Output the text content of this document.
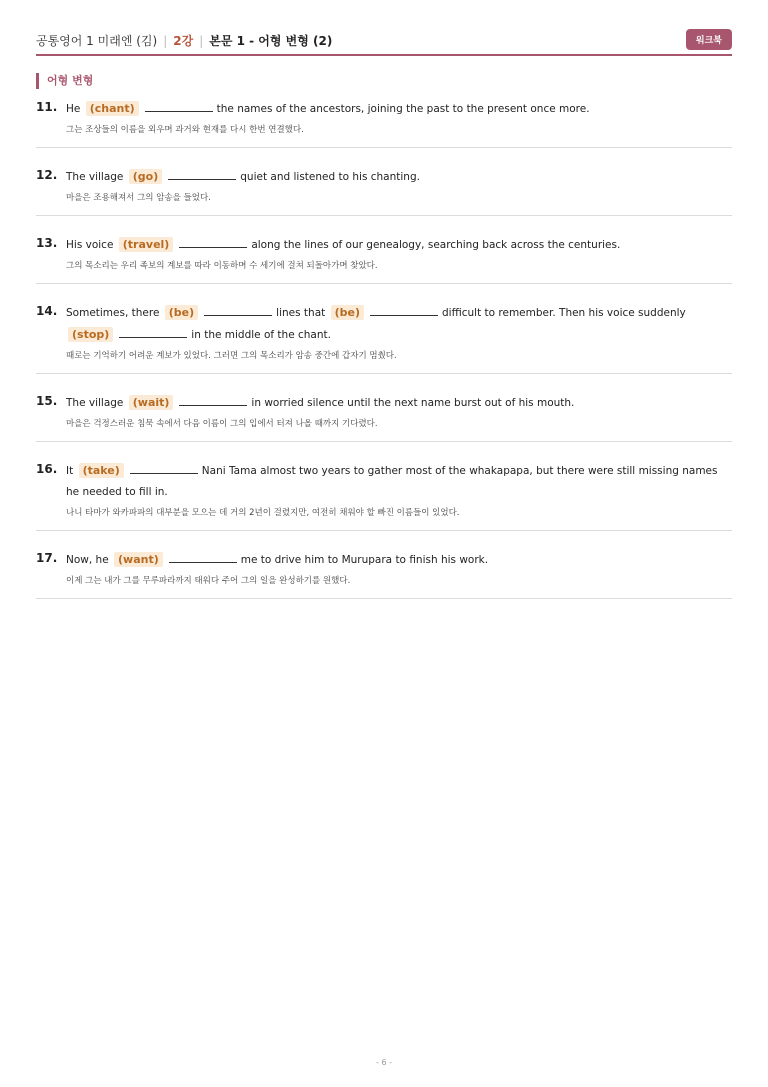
공통영어 1 미래엔 (김) | 2강 | 본문 1 - 어형 변형 (2)	워크북
어형 변형
11. He (chant)	the names of the ancestors, joining the past to the present once more.
그는 조상들의 이름을 외우며 과거와 현재를 다시 한번 연결했다.
12. The village (go)	quiet and listened to his chanting.
마을은 조용해져서 그의 암송을 들었다.
13. His voice (travel)	along the lines of our genealogy, searching back across the centuries.
그의 목소리는 우리 족보의 계보를 따라 이동하며 수 세기에 걸쳐 되돌아가며 찾았다.
14. Sometimes, there (be)	lines that (be)	difficult to remember. Then his voice suddenly (stop)	in the middle of the chant.
때로는 기억하기 어려운 계보가 있었다. 그러면 그의 목소리가 암송 중간에 갑자기 멈췄다.
15. The village (wait)	in worried silence until the next name burst out of his mouth.
마을은 걱정스러운 침묵 속에서 다음 이름이 그의 입에서 터져 나올 때까지 기다렸다.
16. It (take)	Nani Tama almost two years to gather most of the whakapapa, but there were still missing names he needed to fill in.
나니 타마가 와카파파의 대부분을 모으는 데 거의 2년이 걸렸지만, 여전히 채워야 할 빠진 이름들이 있었다.
17. Now, he (want)	me to drive him to Murupara to finish his work.
이제 그는 내가 그를 무루파라까지 태워다 주어 그의 일을 완성하기를 원했다.
- 6 -
